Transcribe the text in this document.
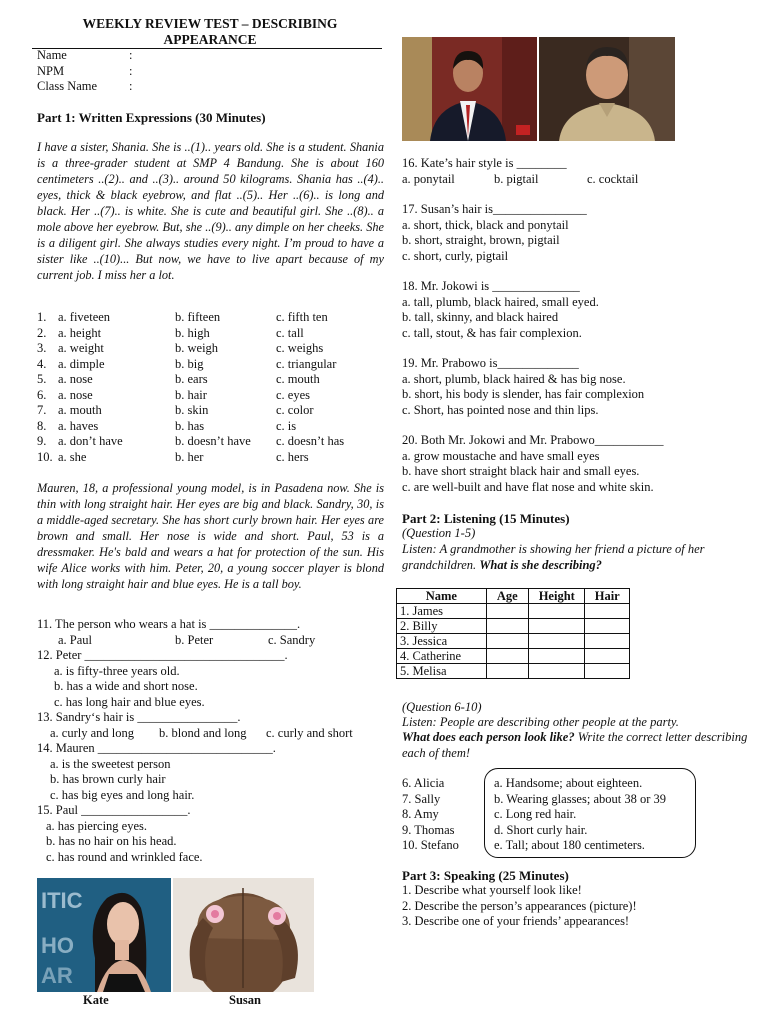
WEEKLY REVIEW TEST – DESCRIBING
APPEARANCE
Name	:
NPM	:
Class Name	:
Part 1: Written Expressions (30 Minutes)
I have a sister, Shania. She is ..(1).. years old. She is a student. Shania is a three-grader student at SMP 4 Bandung. She is about 160 centimeters ..(2).. and ..(3).. around 50 kilograms. Shania has ..(4).. eyes, thick & black eyebrow, and flat ..(5).. Her ..(6).. is long and black. Her ..(7).. is white. She is cute and beautiful girl. She ..(8).. a mole above her eyebrow. But, she ..(9).. any dimple on her cheeks. She is a diligent girl. She always studies every night. I’m proud to have a sister like ..(10)... But now, we have to live apart because of my current job. I miss her a lot.
1.	a. fiveteen	b. fifteen	c. fifth ten
2.	a. height	b. high	c. tall
3.	a. weight	b. weigh	c. weighs
4.	a. dimple	b. big	c. triangular
5.	a. nose	b. ears	c. mouth
6.	a. nose	b. hair	c. eyes
7.	a. mouth	b. skin	c. color
8.	a. haves	b. has	c. is
9.	a. don’t have	b. doesn’t have	c. doesn’t has
10.	a. she	b. her	c. hers
Mauren, 18, a professional young model, is in Pasadena now. She is thin with long straight hair. Her eyes are big and black. Sandry, 30, is a middle-aged secretary. She has short curly brown hair. Her eyes are brown and small. Her nose is wide and short. Paul, 53 is a dressmaker. He's bald and wears a hat for protection of the sun. His wife Alice works with him. Peter, 20, a young soccer player is blond with long straight hair and blue eyes. He is a tall boy.
11. The person who wears a hat is ______________.
a. Paul	b. Peter	c. Sandry
12. Peter ________________________________.
a. is fifty-three years old.
b. has a wide and short nose.
c. has long hair and blue eyes.
13. Sandry‘s hair is ________________.
a. curly and long b. blond and long c. curly and short
14. Mauren ____________________________.
a. is the sweetest person
b. has brown curly hair
c. has big eyes and long hair.
15. Paul _________________.
a. has piercing eyes.
b. has no hair on his head.
c. has round and wrinkled face.
ITIC
HO
AR
Kate	Susan
16. Kate’s hair style is ________
a. ponytail	b. pigtail	c. cocktail
17. Susan’s hair is_______________
a. short, thick, black and ponytail
b. short, straight, brown, pigtail
c. short, curly, pigtail
18. Mr. Jokowi is ______________
a. tall, plumb, black haired, small eyed.
b. tall, skinny, and black haired
c. tall, stout, & has fair complexion.
19. Mr. Prabowo is_____________
a. short, plumb, black haired & has big nose.
b. short, his body is slender, has fair complexion
c. Short, has pointed nose and thin lips.
20. Both Mr. Jokowi and Mr. Prabowo___________
a. grow moustache and have small eyes
b. have short straight black hair and small eyes.
c. are well-built and have flat nose and white skin.
Part 2: Listening (15 Minutes)
(Question 1-5)
Listen: A grandmother is showing her friend a picture of her grandchildren. What is she describing?
Name	Age	Height	Hair
1. James			
2. Billy			
3. Jessica			
4. Catherine			
5. Melisa			
(Question 6-10)
Listen: People are describing other people at the party.
What does each person look like? Write the correct letter describing each of them!
6. Alicia
7. Sally
8. Amy
9. Thomas
10. Stefano
a. Handsome; about eighteen.
b. Wearing glasses; about 38 or 39
c. Long red hair.
d. Short curly hair.
e. Tall; about 180 centimeters.
Part 3: Speaking (25 Minutes)
1. Describe what yourself look like!
2. Describe the person’s appearances (picture)!
3. Describe one of your friends’ appearances!
